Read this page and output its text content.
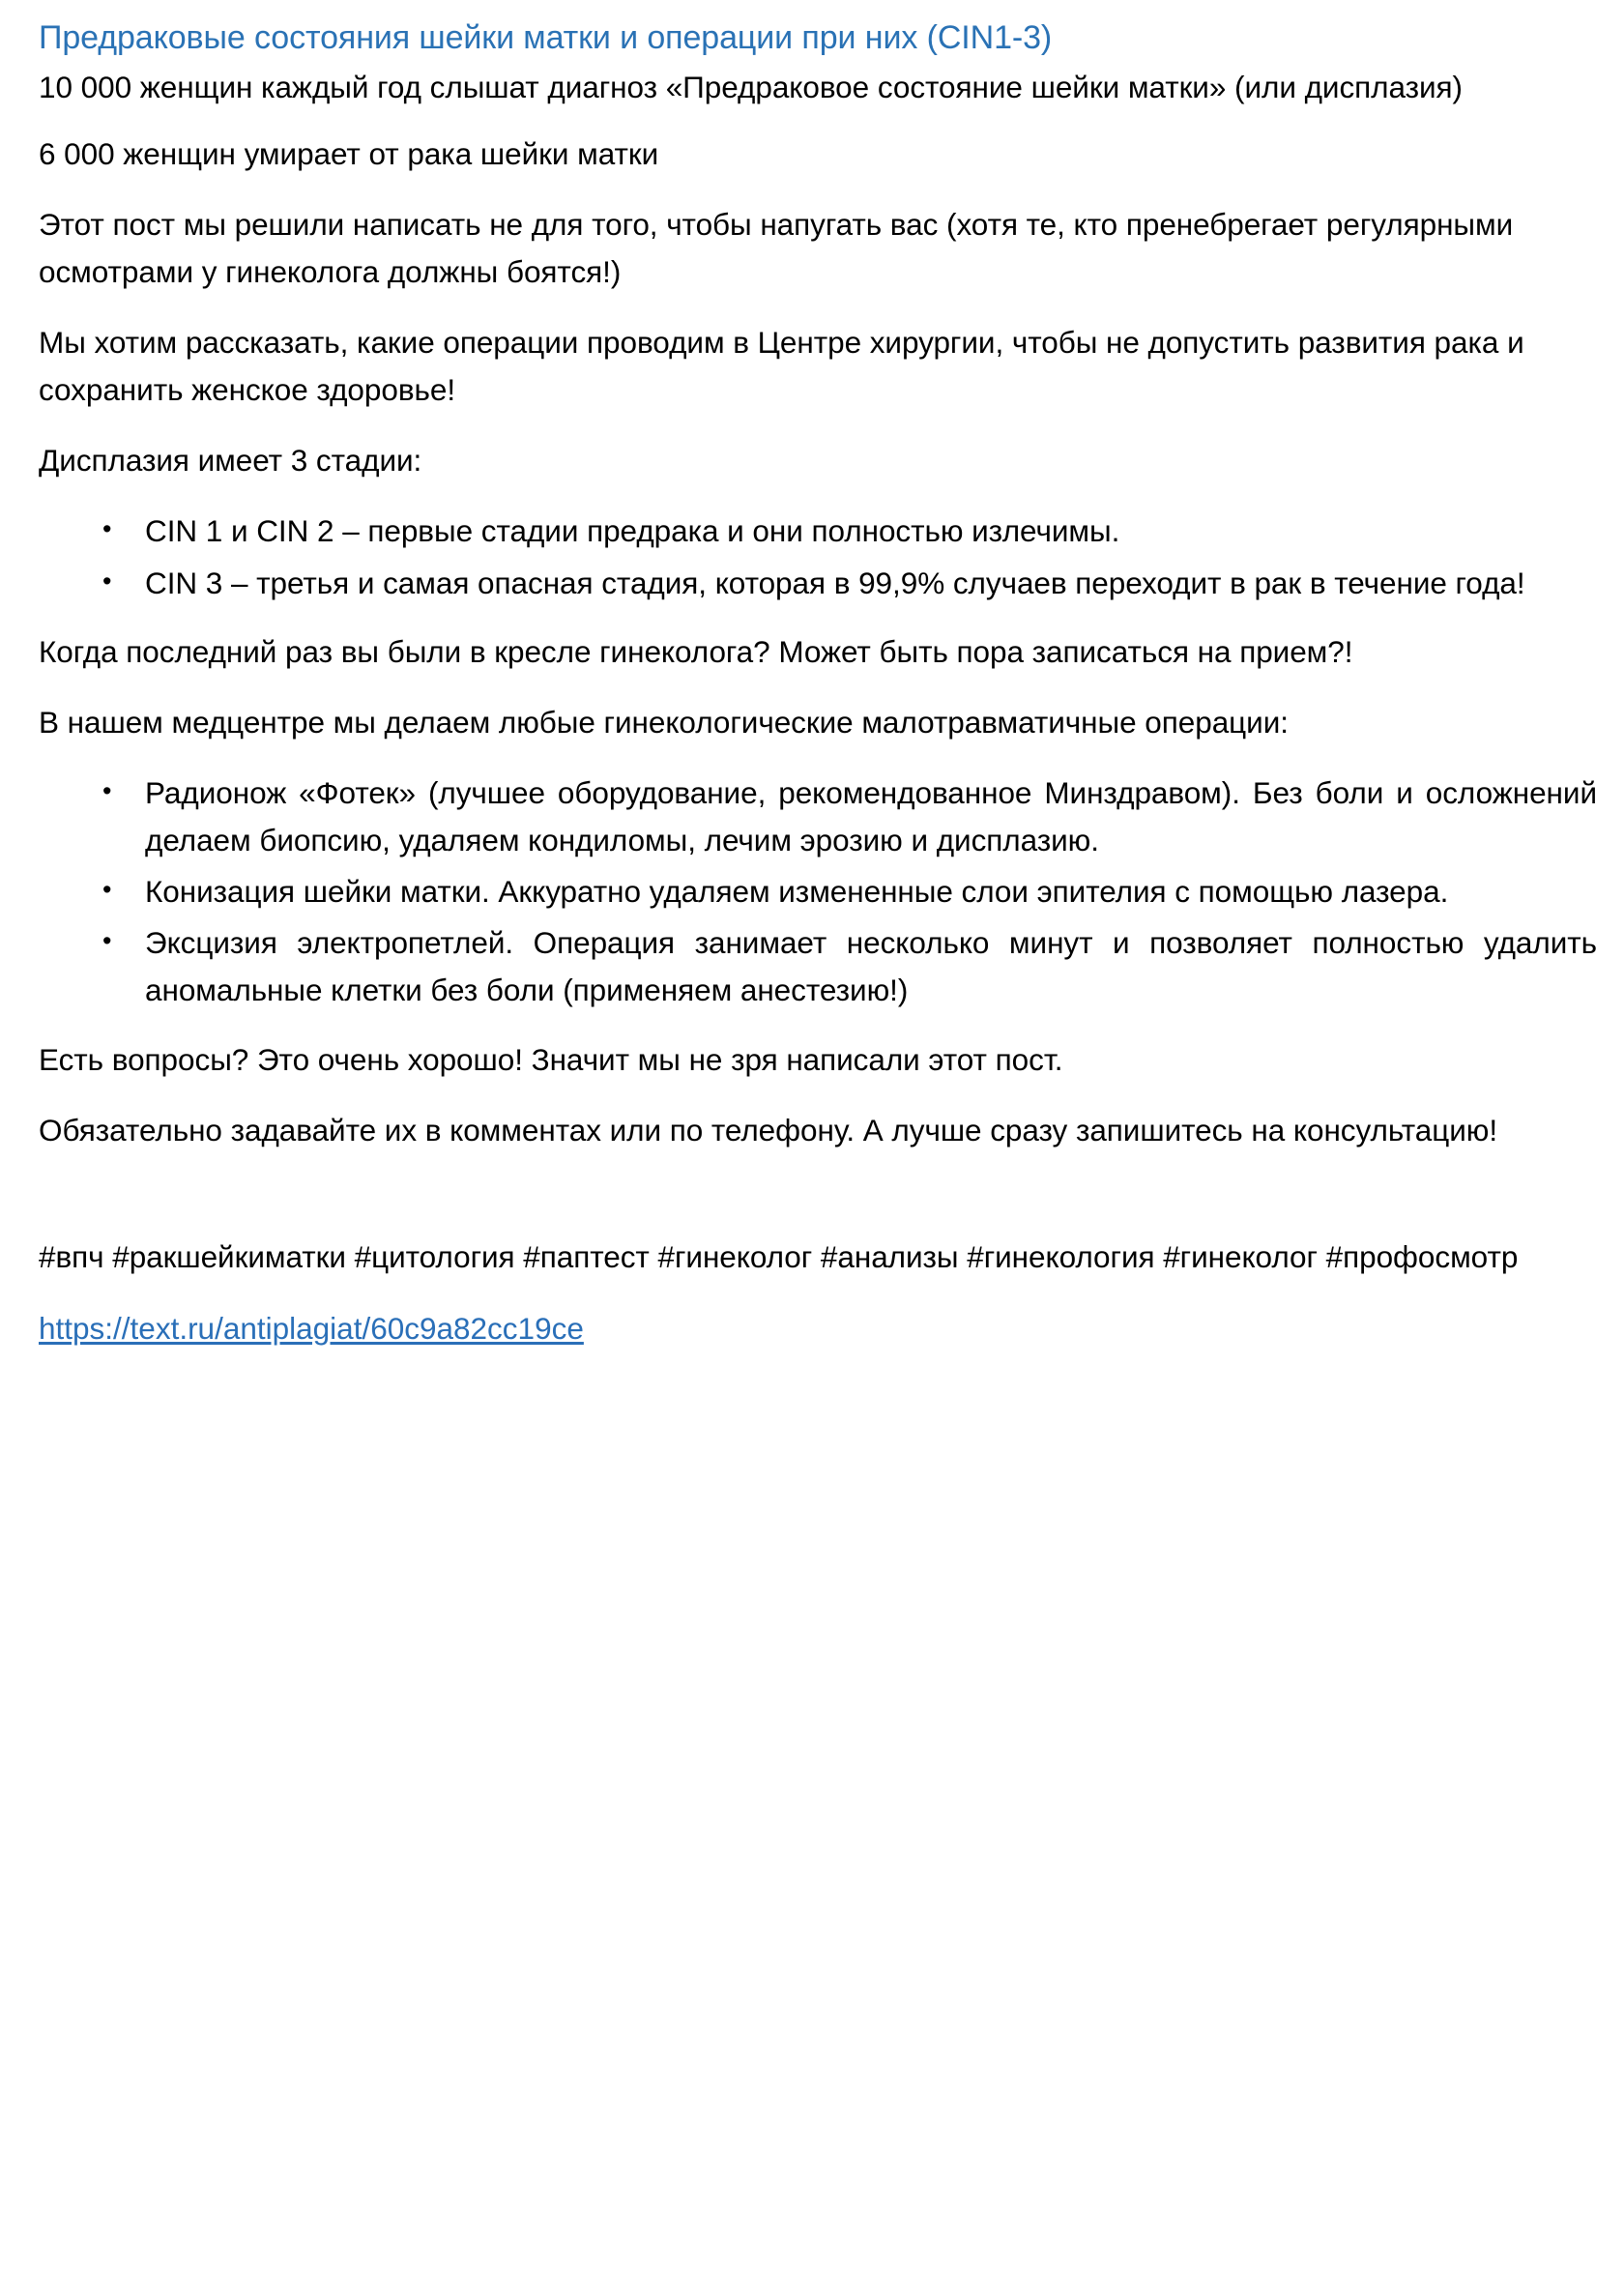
Предраковые состояния шейки матки и операции при них (CIN1-3)

10 000 женщин каждый год слышат диагноз «Предраковое состояние шейки матки» (или дисплазия)

6 000 женщин умирает от рака шейки матки

Этот пост мы решили написать не для того, чтобы напугать вас (хотя те, кто пренебрегает регулярными осмотрами у гинеколога должны боятся!)

Мы хотим рассказать, какие операции проводим в Центре хирургии, чтобы не допустить развития рака и сохранить женское здоровье!

Дисплазия имеет 3 стадии:

• CIN 1 и CIN 2 – первые стадии предрака и они полностью излечимы.
• CIN 3 – третья и самая опасная стадия, которая в 99,9% случаев переходит в рак в течение года!

Когда последний раз вы были в кресле гинеколога? Может быть пора записаться на прием?!

В нашем медцентре мы делаем любые гинекологические малотравматичные операции:

• Радионож «Фотек» (лучшее оборудование, рекомендованное Минздравом). Без боли и осложнений делаем биопсию, удаляем кондиломы, лечим эрозию и дисплазию.
• Конизация шейки матки. Аккуратно удаляем измененные слои эпителия с помощью лазера.
• Эксцизия электропетлей. Операция занимает несколько минут и позволяет полностью удалить аномальные клетки без боли (применяем анестезию!)

Есть вопросы? Это очень хорошо! Значит мы не зря написали этот пост.

Обязательно задавайте их в комментах или по телефону. А лучше сразу запишитесь на консультацию!

#впч #ракшейкиматки #цитология #паптест #гинеколог #анализы #гинекология #гинеколог #профосмотр
https://text.ru/antiplagiat/60c9a82cc19ce
